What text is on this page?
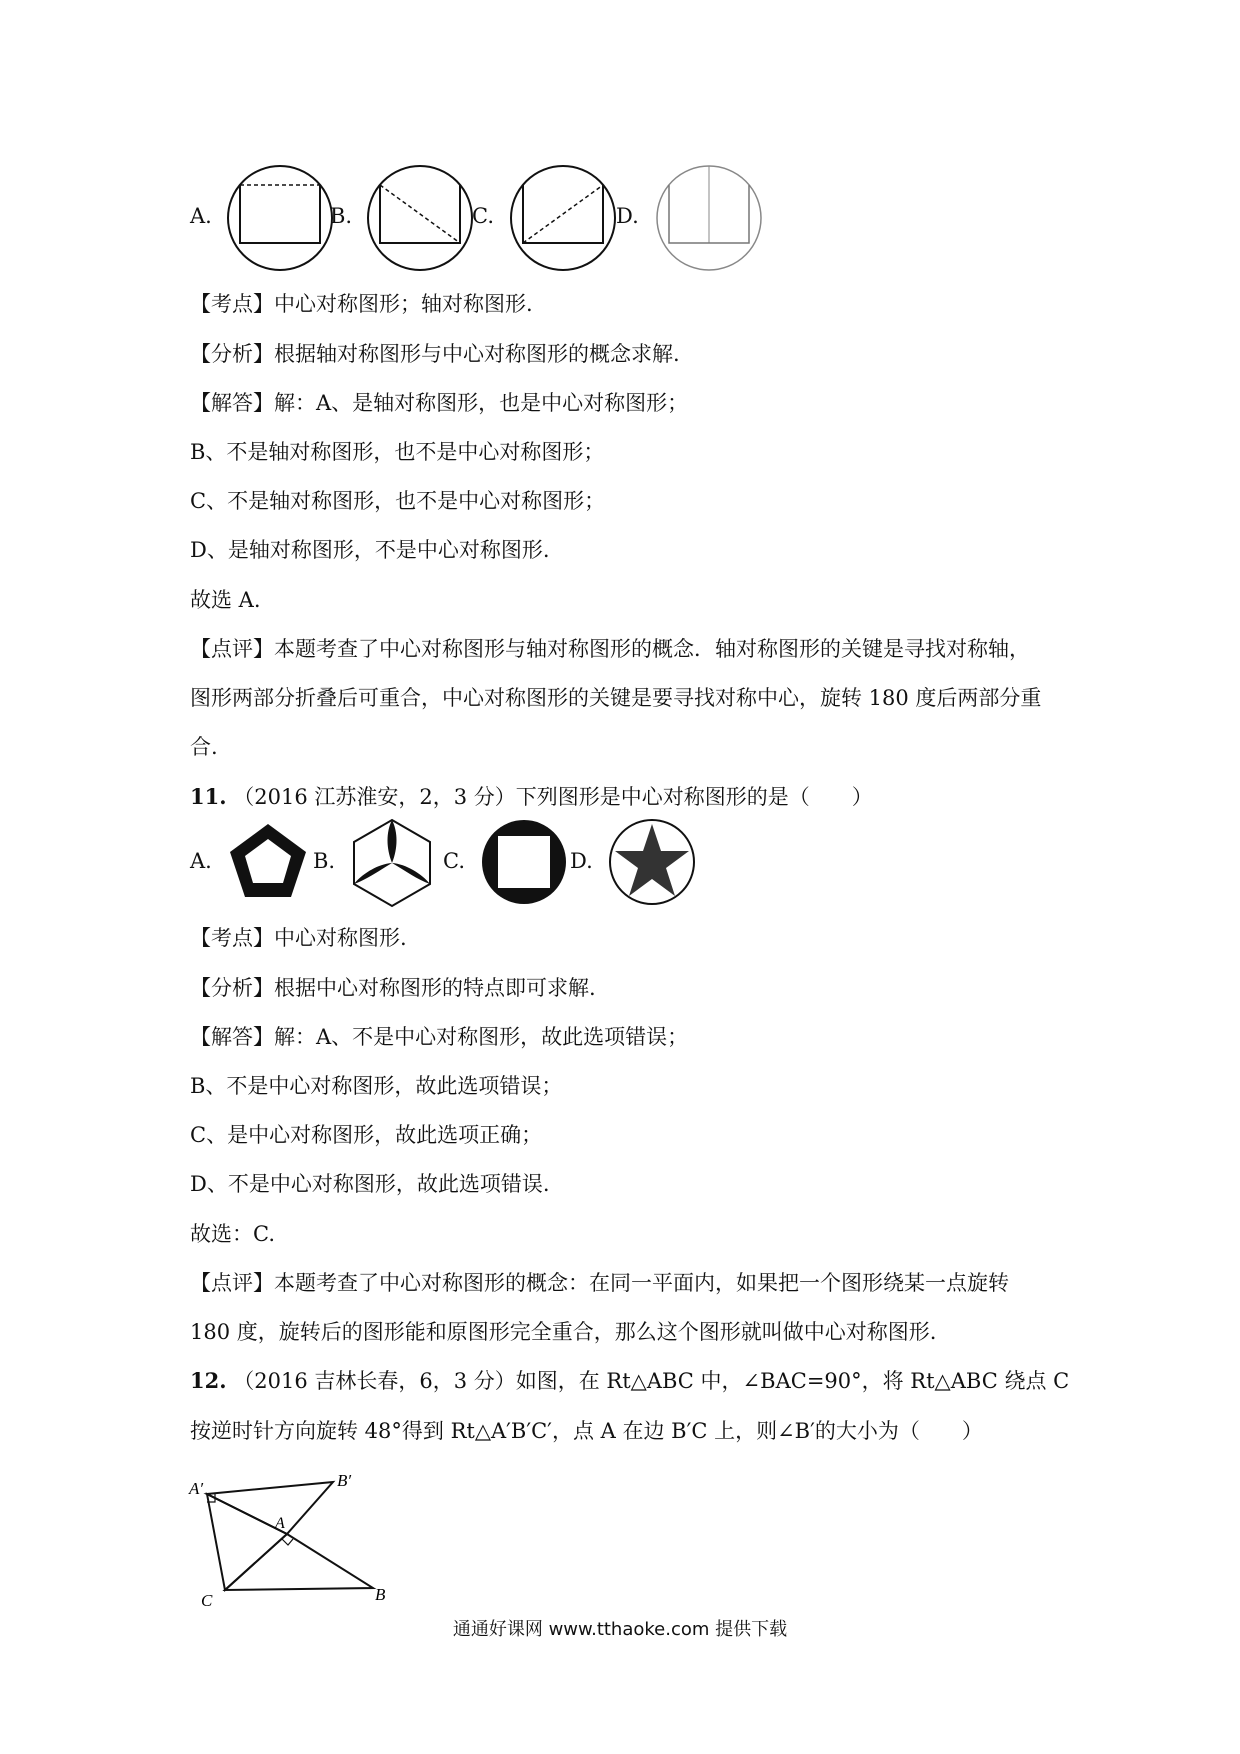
A.	B.	C.	D.
【考点】中心对称图形；轴对称图形.
【分析】根据轴对称图形与中心对称图形的概念求解.
【解答】解：A、是轴对称图形，也是中心对称图形；
B、不是轴对称图形，也不是中心对称图形；
C、不是轴对称图形，也不是中心对称图形；
D、是轴对称图形，不是中心对称图形.
故选 A.
【点评】本题考查了中心对称图形与轴对称图形的概念．轴对称图形的关键是寻找对称轴，
图形两部分折叠后可重合，中心对称图形的关键是要寻找对称中心，旋转 180 度后两部分重
合.
11. （2016 江苏淮安，2，3 分）下列图形是中心对称图形的是（　　）
A.	B.	C.	D.
【考点】中心对称图形.
【分析】根据中心对称图形的特点即可求解.
【解答】解：A、不是中心对称图形，故此选项错误；
B、不是中心对称图形，故此选项错误；
C、是中心对称图形，故此选项正确；
D、不是中心对称图形，故此选项错误.
故选：C.
【点评】本题考查了中心对称图形的概念：在同一平面内，如果把一个图形绕某一点旋转
180 度，旋转后的图形能和原图形完全重合，那么这个图形就叫做中心对称图形.
12. （2016 吉林长春，6，3 分）如图，在 Rt△ABC 中，∠BAC=90°，将 Rt△ABC 绕点 C
按逆时针方向旋转 48°得到 Rt△A′B′C′，点 A 在边 B′C 上，则∠B′的大小为（　　）
A′	B′
A
C	B
通通好课网 www.tthaoke.com 提供下载
